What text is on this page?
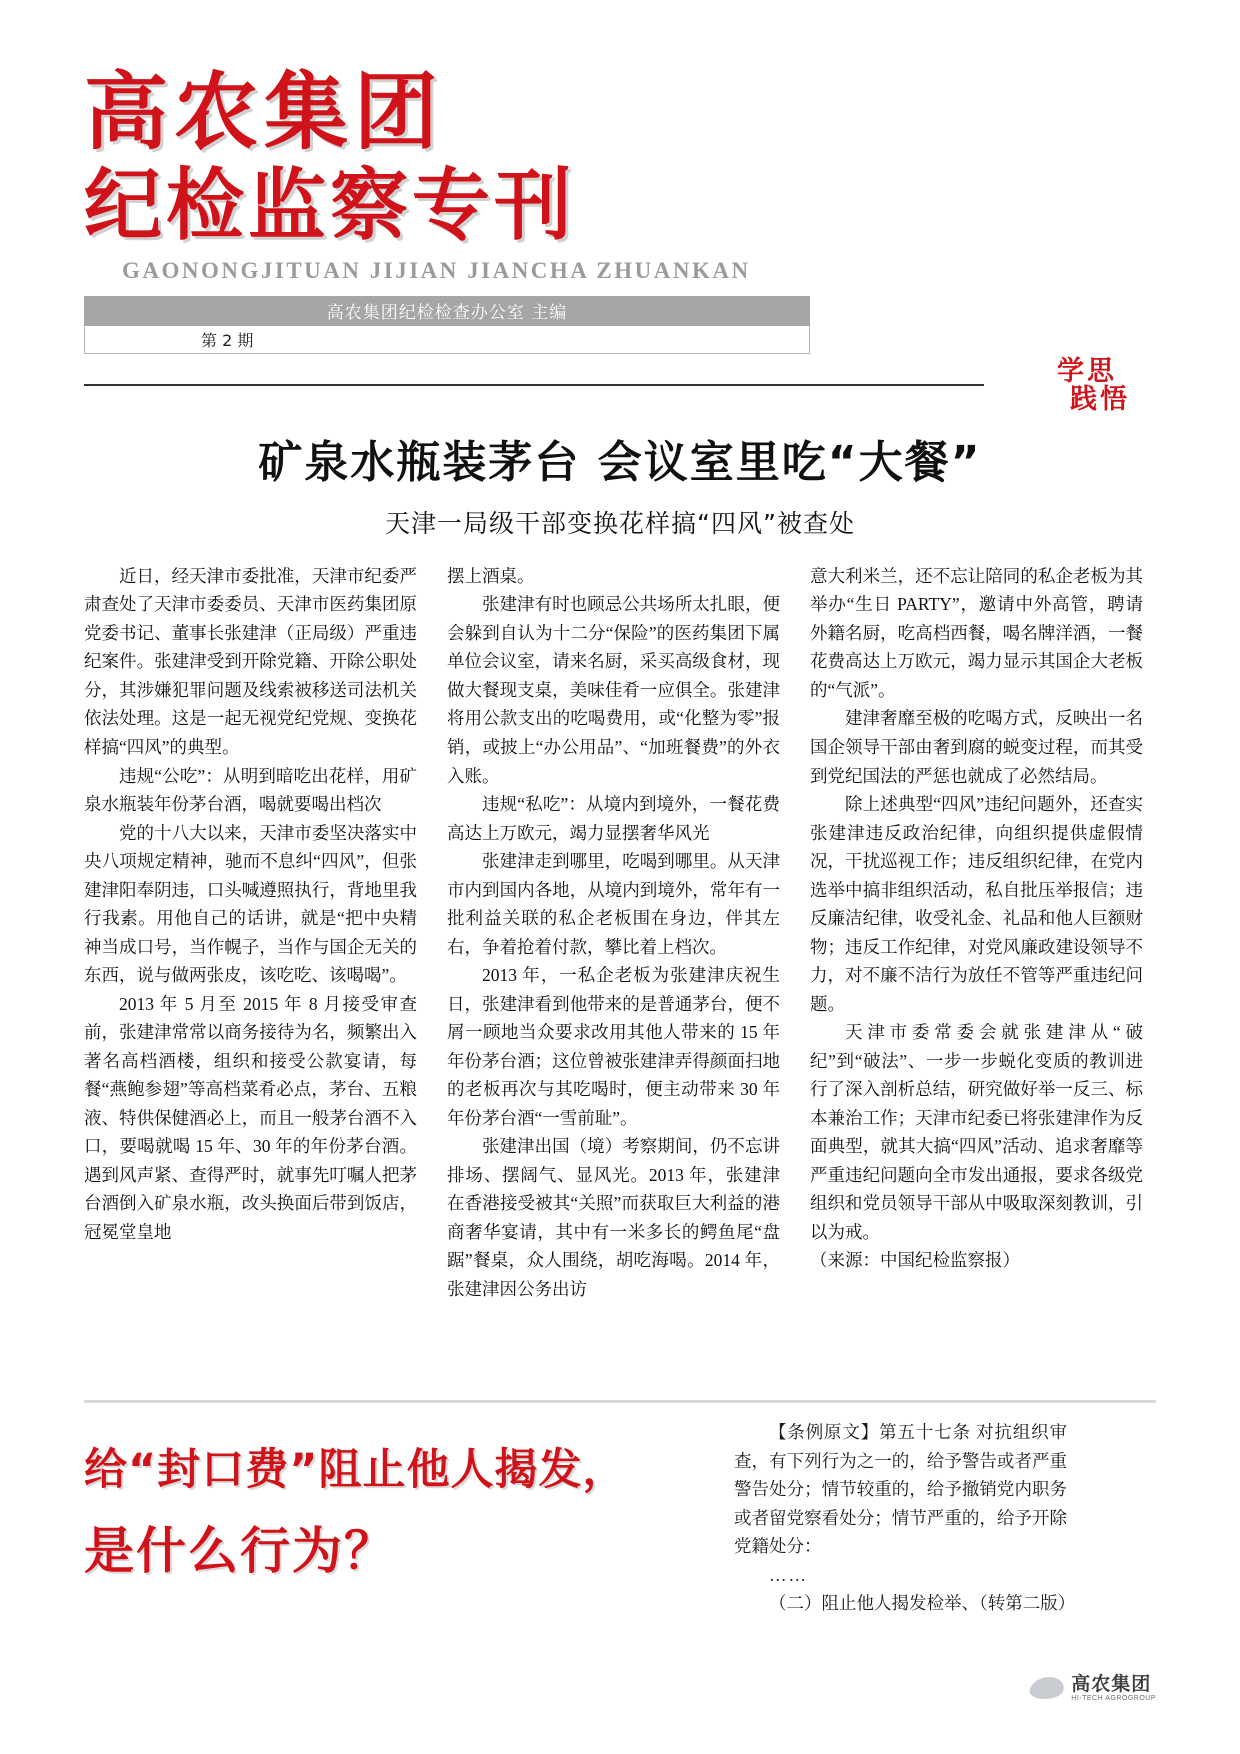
高农集团
纪检监察专刊
GAONONGJITUAN JIJIAN JIANCHA ZHUANKAN
高农集团纪检检查办公室 主编
第 2 期
学思
践悟
矿泉水瓶装茅台 会议室里吃“大餐”
天津一局级干部变换花样搞“四风”被查处

近日，经天津市委批准，天津市纪委严肃查处了天津市委委员、天津市医药集团原党委书记、董事长张建津（正局级）严重违纪案件。张建津受到开除党籍、开除公职处分，其涉嫌犯罪问题及线索被移送司法机关依法处理。这是一起无视党纪党规、变换花样搞“四风”的典型。

违规“公吃”：从明到暗吃出花样，用矿泉水瓶装年份茅台酒，喝就要喝出档次

党的十八大以来，天津市委坚决落实中央八项规定精神，驰而不息纠“四风”，但张建津阳奉阴违，口头喊遵照执行，背地里我行我素。用他自己的话讲，就是“把中央精神当成口号，当作幌子，当作与国企无关的东西，说与做两张皮，该吃吃、该喝喝”。

2013 年 5 月至 2015 年 8 月接受审查前，张建津常常以商务接待为名，频繁出入著名高档酒楼，组织和接受公款宴请，每餐“燕鲍参翅”等高档菜肴必点，茅台、五粮液、特供保健酒必上，而且一般茅台酒不入口，要喝就喝 15 年、30 年的年份茅台酒。遇到风声紧、查得严时，就事先叮嘱人把茅台酒倒入矿泉水瓶，改头换面后带到饭店，冠冕堂皇地

摆上酒桌。

张建津有时也顾忌公共场所太扎眼，便会躲到自认为十二分“保险”的医药集团下属单位会议室，请来名厨，采买高级食材，现做大餐现支桌，美味佳肴一应俱全。张建津将用公款支出的吃喝费用，或“化整为零”报销，或披上“办公用品”、“加班餐费”的外衣入账。

违规“私吃”：从境内到境外，一餐花费高达上万欧元，竭力显摆奢华风光

张建津走到哪里，吃喝到哪里。从天津市内到国内各地，从境内到境外，常年有一批利益关联的私企老板围在身边，伴其左右，争着抢着付款，攀比着上档次。

2013 年，一私企老板为张建津庆祝生日，张建津看到他带来的是普通茅台，便不屑一顾地当众要求改用其他人带来的 15 年年份茅台酒；这位曾被张建津弄得颜面扫地的老板再次与其吃喝时，便主动带来 30 年年份茅台酒“一雪前耻”。

张建津出国（境）考察期间，仍不忘讲排场、摆阔气、显风光。2013 年，张建津在香港接受被其“关照”而获取巨大利益的港商奢华宴请，其中有一米多长的鳄鱼尾“盘踞”餐桌，众人围绕，胡吃海喝。2014 年，张建津因公务出访

意大利米兰，还不忘让陪同的私企老板为其举办“生日 PARTY”，邀请中外高管，聘请外籍名厨，吃高档西餐，喝名牌洋酒，一餐花费高达上万欧元，竭力显示其国企大老板的“气派”。

建津奢靡至极的吃喝方式，反映出一名国企领导干部由奢到腐的蜕变过程，而其受到党纪国法的严惩也就成了必然结局。

除上述典型“四风”违纪问题外，还查实张建津违反政治纪律，向组织提供虚假情况，干扰巡视工作；违反组织纪律，在党内选举中搞非组织活动，私自批压举报信；违反廉洁纪律，收受礼金、礼品和他人巨额财物；违反工作纪律，对党风廉政建设领导不力，对不廉不洁行为放任不管等严重违纪问题。

天津市委常委会就张建津从“破纪”到“破法”、一步一步蜕化变质的教训进行了深入剖析总结，研究做好举一反三、标本兼治工作；天津市纪委已将张建津作为反面典型，就其大搞“四风”活动、追求奢靡等严重违纪问题向全市发出通报，要求各级党组织和党员领导干部从中吸取深刻教训，引以为戒。

（来源：中国纪检监察报）

给“封口费”阻止他人揭发，
是什么行为？

【条例原文】第五十七条 对抗组织审查，有下列行为之一的，给予警告或者严重警告处分；情节较重的，给予撤销党内职务或者留党察看处分；情节严重的，给予开除党籍处分：

……

（二）阻止他人揭发检举、（转第二版）

高农集团
HI-TECH AGROGROUP
